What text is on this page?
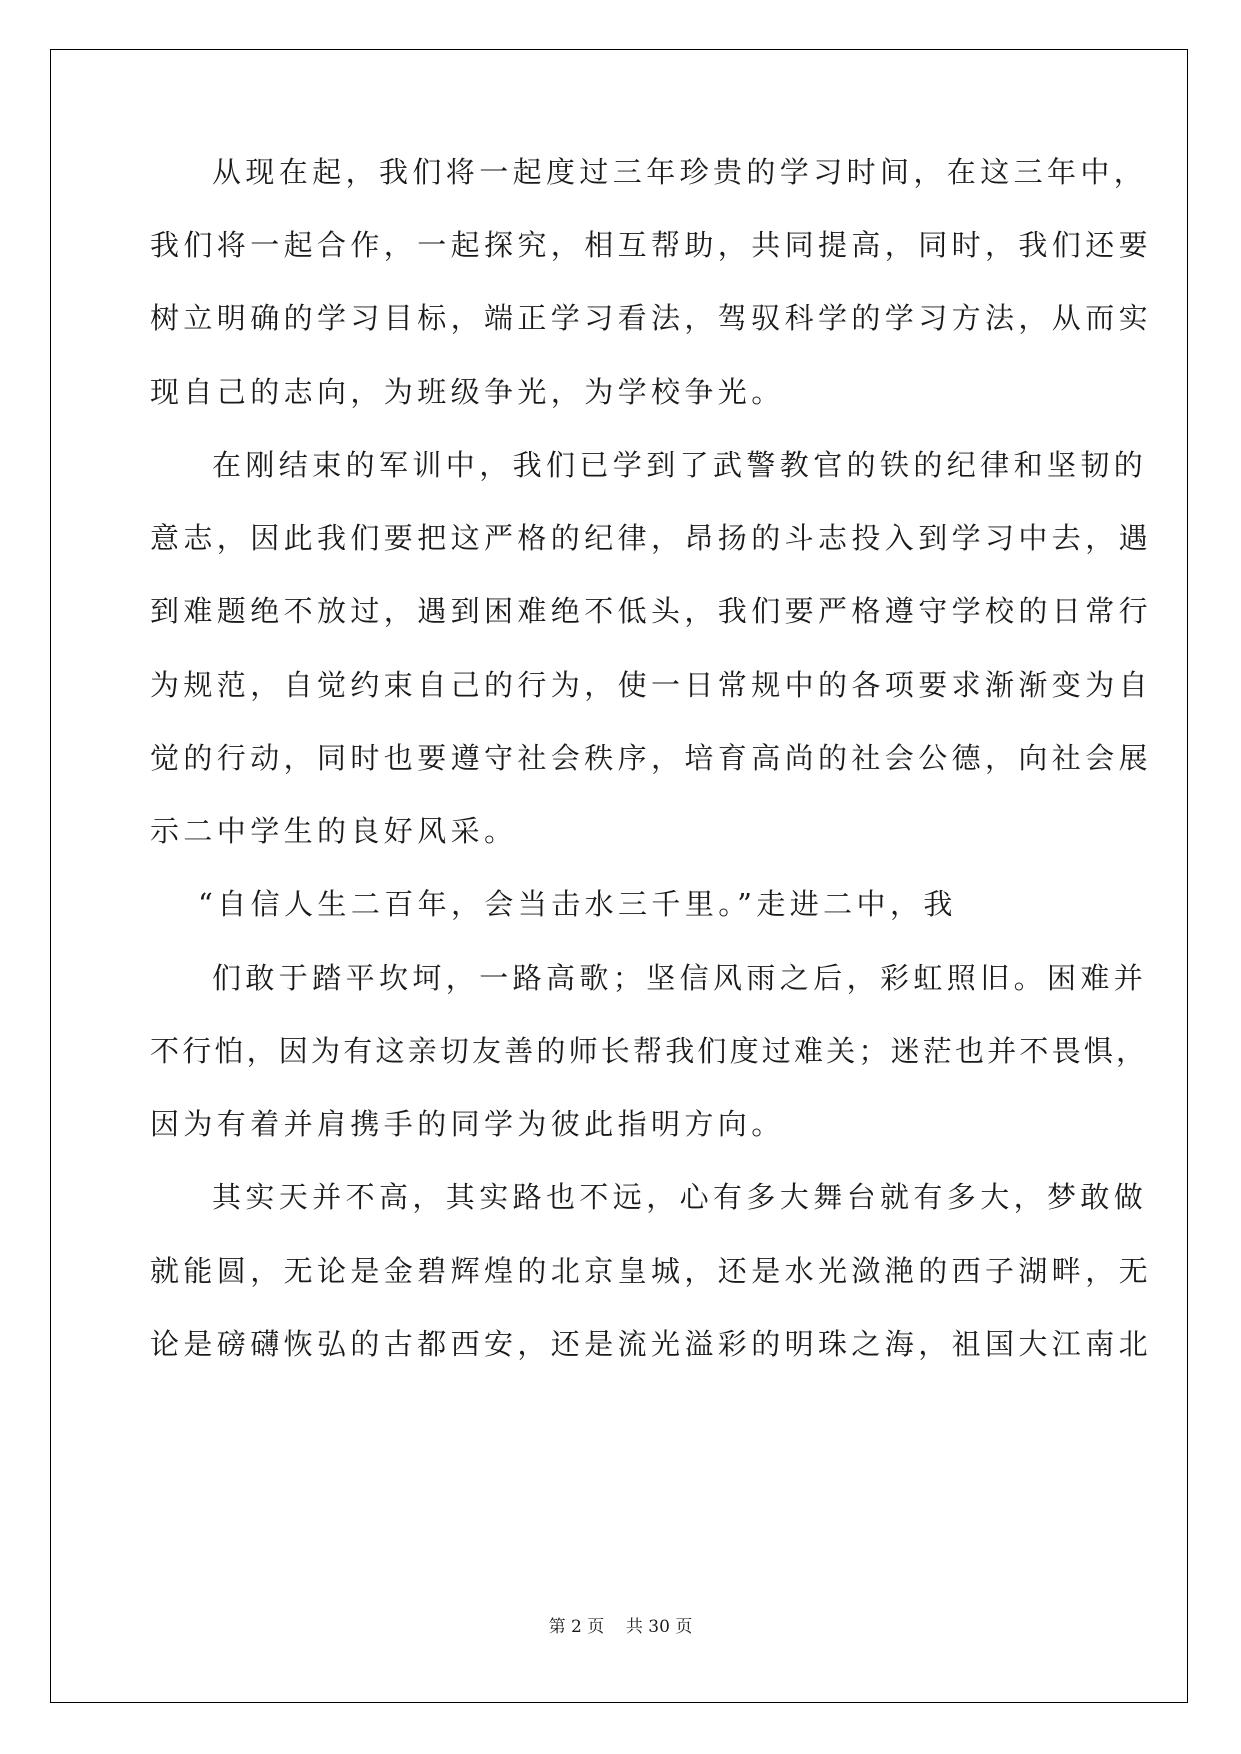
从现在起，我们将一起度过三年珍贵的学习时间，在这三年中，
我们将一起合作，一起探究，相互帮助，共同提高，同时，我们还要
树立明确的学习目标，端正学习看法，驾驭科学的学习方法，从而实
现自己的志向，为班级争光，为学校争光。
在刚结束的军训中，我们已学到了武警教官的铁的纪律和坚韧的
意志，因此我们要把这严格的纪律，昂扬的斗志投入到学习中去，遇
到难题绝不放过，遇到困难绝不低头，我们要严格遵守学校的日常行
为规范，自觉约束自己的行为，使一日常规中的各项要求渐渐变为自
觉的行动，同时也要遵守社会秩序，培育高尚的社会公德，向社会展
示二中学生的良好风采。
“自信人生二百年，会当击水三千里。”走进二中，我
们敢于踏平坎坷，一路高歌；坚信风雨之后，彩虹照旧。困难并
不行怕，因为有这亲切友善的师长帮我们度过难关；迷茫也并不畏惧，
因为有着并肩携手的同学为彼此指明方向。
其实天并不高，其实路也不远，心有多大舞台就有多大，梦敢做
就能圆，无论是金碧辉煌的北京皇城，还是水光潋滟的西子湖畔，无
论是磅礴恢弘的古都西安，还是流光溢彩的明珠之海，祖国大江南北
第 2 页    共 30 页
